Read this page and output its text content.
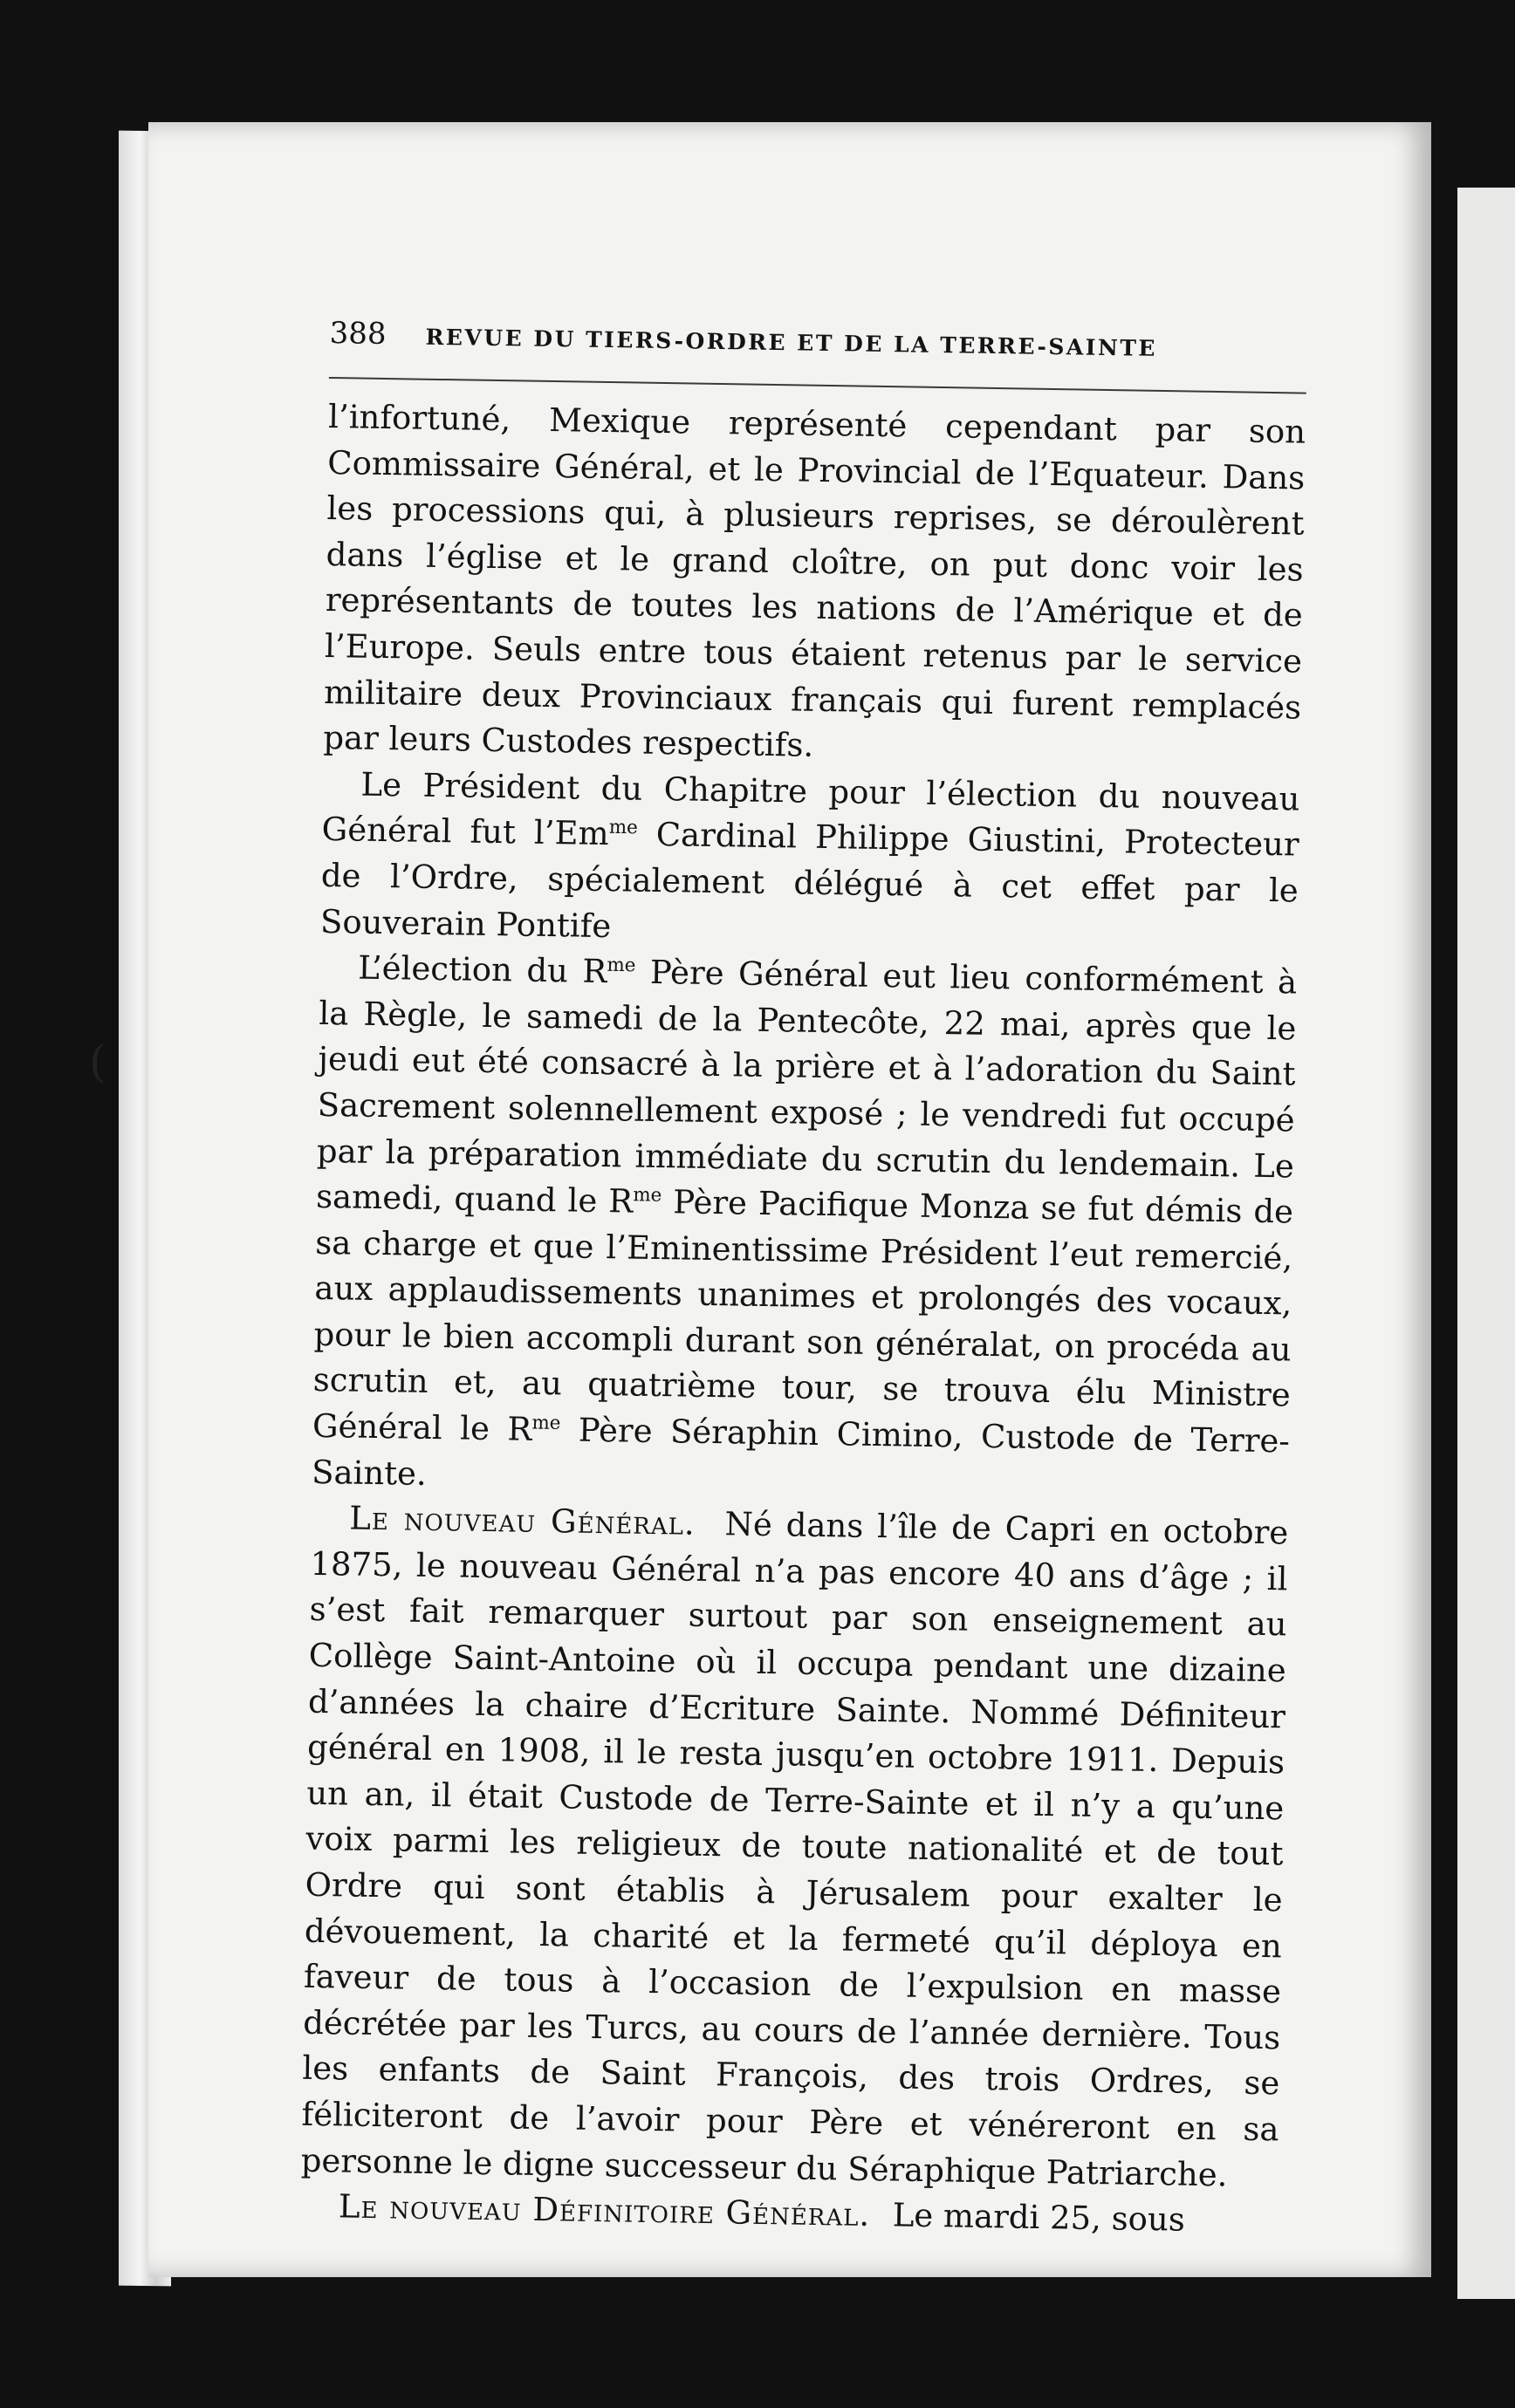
(
388	REVUE DU TIERS-ORDRE ET DE LA TERRE-SAINTE

l’infortuné, Mexique représenté cependant par son Commissaire Général, et le Provincial de l’Equateur. Dans les processions qui, à plusieurs reprises, se déroulèrent dans l’église et le grand cloître, on put donc voir les représentants de toutes les nations de l’Amérique et de l’Europe. Seuls entre tous étaient retenus par le service militaire deux Provinciaux français qui furent remplacés par leurs Custodes respectifs.

Le Président du Chapitre pour l’élection du nouveau Général fut $l’Em^{me}$ Cardinal Philippe Giustini, Protecteur de l’Ordre, spécialement délégué à cet effet par le Souverain Pontife

L’élection du $R^{me}$ Père Général eut lieu conformément à la Règle, le samedi de la Pentecôte, 22 mai, après que le jeudi eut été consacré à la prière et à l’adoration du Saint Sacrement solennellement exposé ; le vendredi fut occupé par la préparation immédiate du scrutin du lendemain. Le samedi, quand le $R^{me}$ Père Pacifique Monza se fut démis de sa charge et que l’Eminentissime Président l’eut remercié, aux applaudissements unanimes et prolongés des vocaux, pour le bien accompli durant son généralat, on procéda au scrutin et, au quatrième tour, se trouva élu Ministre Général le $R^{me}$ Père Séraphin Cimino, Custode de Terre-Sainte.

Le nouveau Général. Né dans l’île de Capri en octobre 1875, le nouveau Général n’a pas encore 40 ans d’âge ; il s’est fait remarquer surtout par son enseignement au Collège Saint-Antoine où il occupa pendant une dizaine d’années la chaire d’Ecriture Sainte. Nommé Définiteur général en 1908, il le resta jusqu’en octobre 1911. Depuis un an, il était Custode de Terre-Sainte et il n’y a qu’une voix parmi les religieux de toute nationalité et de tout Ordre qui sont établis à Jérusalem pour exalter le dévouement, la charité et la fermeté qu’il déploya en faveur de tous à l’occasion de l’expulsion en masse décrétée par les Turcs, au cours de l’année dernière. Tous les enfants de Saint François, des trois Ordres, se féliciteront de l’avoir pour Père et vénéreront en sa personne le digne successeur du Séraphique Patriarche.

Le nouveau Définitoire Général. Le mardi 25, sous
